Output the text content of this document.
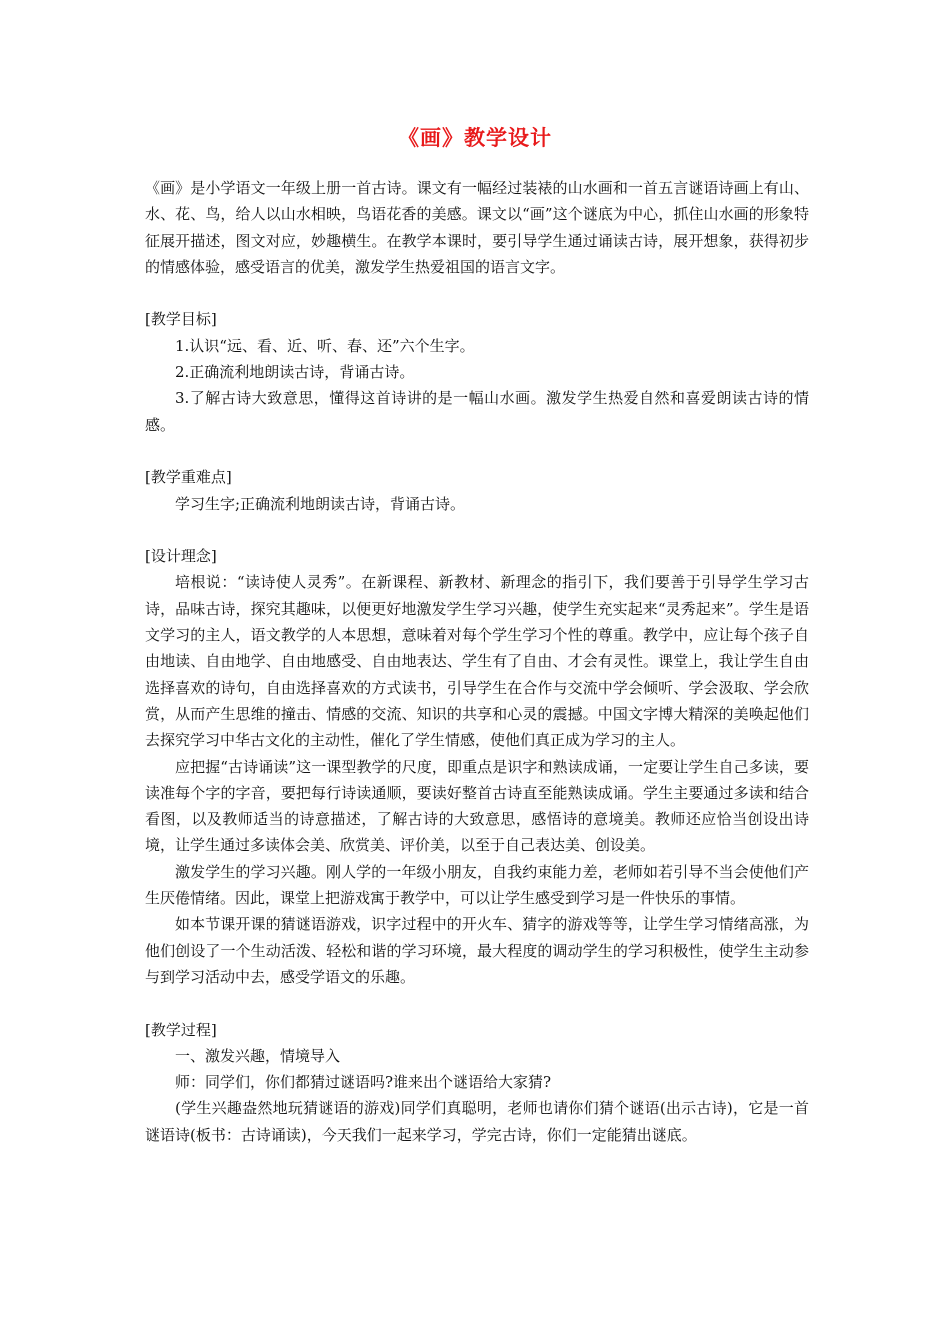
《画》教学设计

《画》是小学语文一年级上册一首古诗。课文有一幅经过装裱的山水画和一首五言谜语诗画上有山、水、花、鸟，给人以山水相映，鸟语花香的美感。课文以“画”这个谜底为中心，抓住山水画的形象特征展开描述，图文对应，妙趣横生。在教学本课时，要引导学生通过诵读古诗，展开想象，获得初步的情感体验，感受语言的优美，激发学生热爱祖国的语言文字。

[教学目标]

1.认识“远、看、近、听、春、还”六个生字。

2.正确流利地朗读古诗，背诵古诗。

3.了解古诗大致意思，懂得这首诗讲的是一幅山水画。激发学生热爱自然和喜爱朗读古诗的情感。

[教学重难点]

学习生字;正确流利地朗读古诗，背诵古诗。

[设计理念]

培根说：“读诗使人灵秀”。在新课程、新教材、新理念的指引下，我们要善于引导学生学习古诗，品味古诗，探究其趣味，以便更好地激发学生学习兴趣，使学生充实起来“灵秀起来”。学生是语文学习的主人，语文教学的人本思想，意味着对每个学生学习个性的尊重。教学中，应让每个孩子自由地读、自由地学、自由地感受、自由地表达、学生有了自由、才会有灵性。课堂上，我让学生自由选择喜欢的诗句，自由选择喜欢的方式读书，引导学生在合作与交流中学会倾听、学会汲取、学会欣赏，从而产生思维的撞击、情感的交流、知识的共享和心灵的震撼。中国文字博大精深的美唤起他们去探究学习中华古文化的主动性，催化了学生情感，使他们真正成为学习的主人。

应把握“古诗诵读”这一课型教学的尺度，即重点是识字和熟读成诵，一定要让学生自己多读，要读准每个字的字音，要把每行诗读通顺，要读好整首古诗直至能熟读成诵。学生主要通过多读和结合看图，以及教师适当的诗意描述，了解古诗的大致意思，感悟诗的意境美。教师还应恰当创设出诗境，让学生通过多读体会美、欣赏美、评价美，以至于自己表达美、创设美。

激发学生的学习兴趣。刚人学的一年级小朋友，自我约束能力差，老师如若引导不当会使他们产生厌倦情绪。因此，课堂上把游戏寓于教学中，可以让学生感受到学习是一件快乐的事情。

如本节课开课的猜谜语游戏，识字过程中的开火车、猜字的游戏等等，让学生学习情绪高涨，为他们创设了一个生动活泼、轻松和谐的学习环境，最大程度的调动学生的学习积极性，使学生主动参与到学习活动中去，感受学语文的乐趣。

[教学过程]

一、激发兴趣，情境导入

师：同学们，你们都猜过谜语吗?谁来出个谜语给大家猜?

(学生兴趣盎然地玩猜谜语的游戏)同学们真聪明，老师也请你们猜个谜语(出示古诗)，它是一首谜语诗(板书：古诗诵读)，今天我们一起来学习，学完古诗，你们一定能猜出谜底。
